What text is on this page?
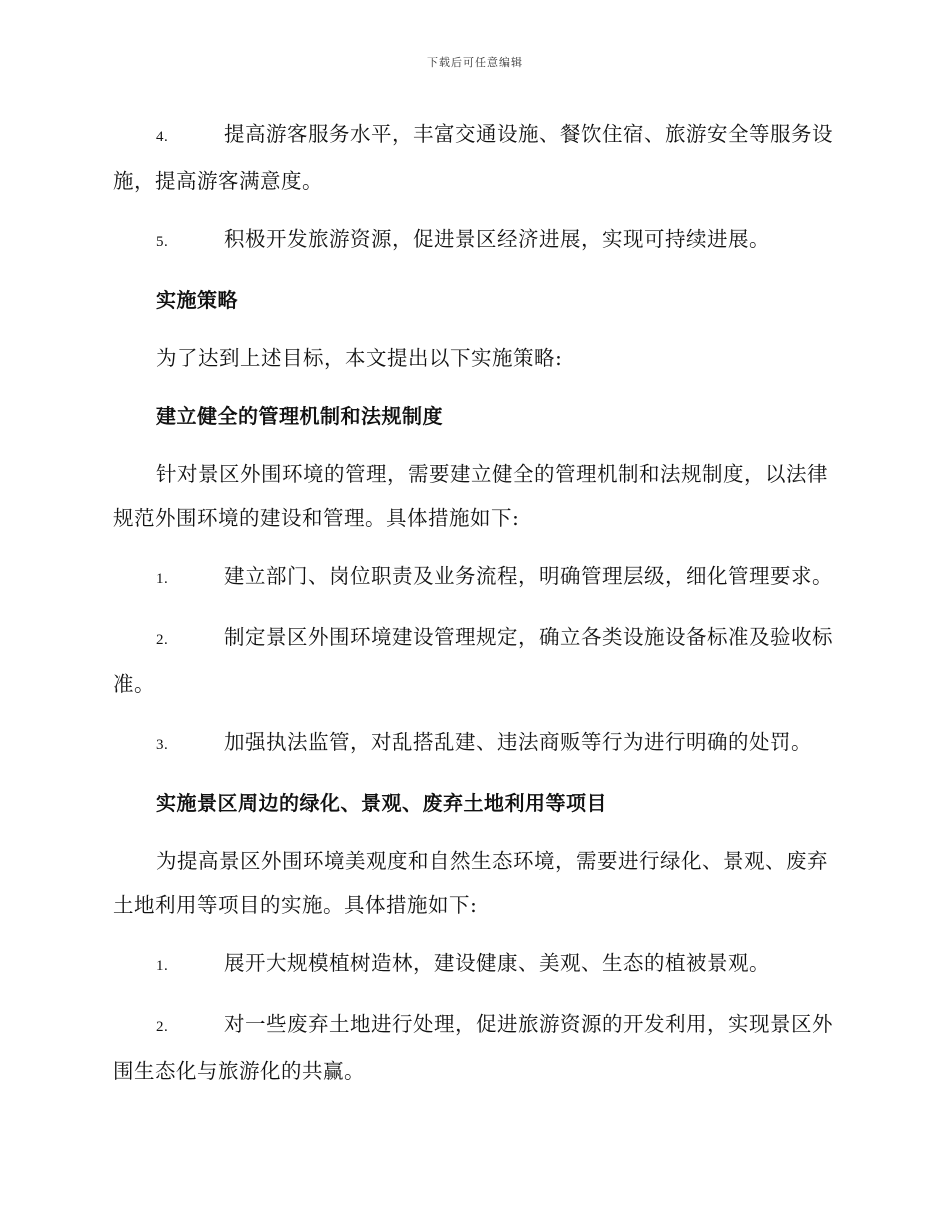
下载后可任意编辑
4.	提高游客服务水平，丰富交通设施、餐饮住宿、旅游安全等服务设施，提高游客满意度。
5.	积极开发旅游资源，促进景区经济进展，实现可持续进展。
实施策略
为了达到上述目标，本文提出以下实施策略:
建立健全的管理机制和法规制度
针对景区外围环境的管理，需要建立健全的管理机制和法规制度，以法律规范外围环境的建设和管理。具体措施如下:
1.	建立部门、岗位职责及业务流程，明确管理层级，细化管理要求。
2.	制定景区外围环境建设管理规定，确立各类设施设备标准及验收标准。
3.	加强执法监管，对乱搭乱建、违法商贩等行为进行明确的处罚。
实施景区周边的绿化、景观、废弃土地利用等项目
为提高景区外围环境美观度和自然生态环境，需要进行绿化、景观、废弃土地利用等项目的实施。具体措施如下:
1.	展开大规模植树造林，建设健康、美观、生态的植被景观。
2.	对一些废弃土地进行处理，促进旅游资源的开发利用，实现景区外围生态化与旅游化的共赢。
